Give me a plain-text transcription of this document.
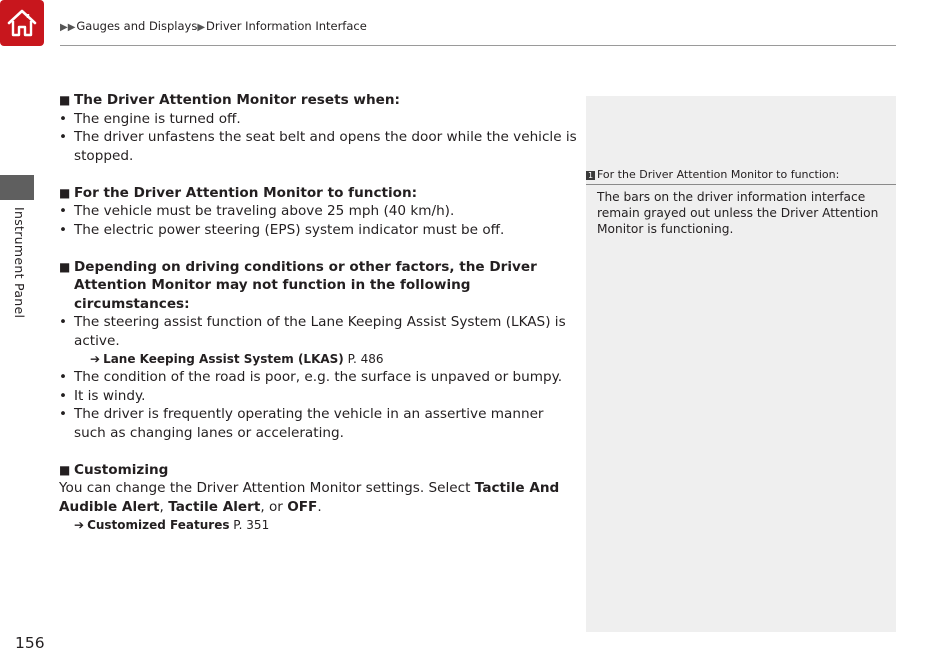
▶▶Gauges and Displays▶Driver Information Interface
Instrument Panel
■ The Driver Attention Monitor resets when:
• The engine is turned off.
• The driver unfastens the seat belt and opens the door while the vehicle is stopped.
■ For the Driver Attention Monitor to function:
• The vehicle must be traveling above 25 mph (40 km/h).
• The electric power steering (EPS) system indicator must be off.
■ Depending on driving conditions or other factors, the Driver Attention Monitor may not function in the following circumstances:
• The steering assist function of the Lane Keeping Assist System (LKAS) is active.
➔ Lane Keeping Assist System (LKAS) P. 486
• The condition of the road is poor, e.g. the surface is unpaved or bumpy.
• It is windy.
• The driver is frequently operating the vehicle in an assertive manner such as changing lanes or accelerating.
■ Customizing
You can change the Driver Attention Monitor settings. Select Tactile And Audible Alert, Tactile Alert, or OFF.
➔ Customized Features P. 351
1 For the Driver Attention Monitor to function:
The bars on the driver information interface remain grayed out unless the Driver Attention Monitor is functioning.
156
